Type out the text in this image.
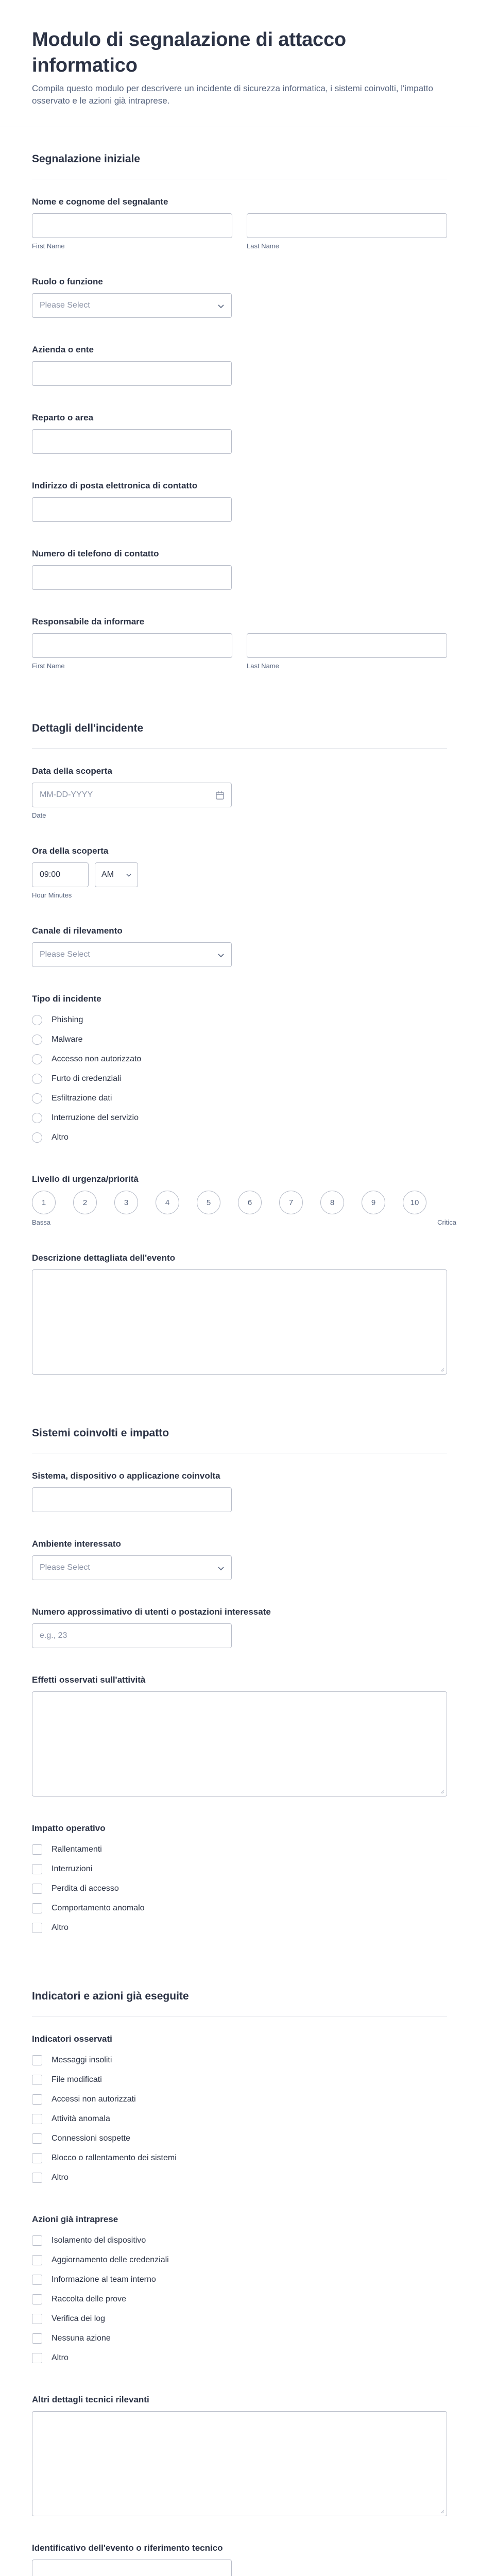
Modulo di segnalazione di attacco informatico

Compila questo modulo per descrivere un incidente di sicurezza informatica, i sistemi coinvolti, l'impatto osservato e le azioni già intraprese.

Segnalazione iniziale
Nome e cognome del segnalante
First Name	Last Name
Ruolo o funzione
Please Select
Azienda o ente
Reparto o area
Indirizzo di posta elettronica di contatto
Numero di telefono di contatto
Responsabile da informare
First Name	Last Name
Dettagli dell'incidente
Data della scoperta
MM-DD-YYYY
Date
Ora della scoperta
09:00	AM
Hour Minutes
Canale di rilevamento
Please Select
Tipo di incidente
Phishing
Malware
Accesso non autorizzato
Furto di credenziali
Esfiltrazione dati
Interruzione del servizio
Altro
Livello di urgenza/priorità
1	2	3	4	5	6	7	8	9	10
Bassa	Critica
Descrizione dettagliata dell'evento
Sistemi coinvolti e impatto
Sistema, dispositivo o applicazione coinvolta
Ambiente interessato
Please Select
Numero approssimativo di utenti o postazioni interessate
e.g., 23
Effetti osservati sull'attività
Impatto operativo
Rallentamenti
Interruzioni
Perdita di accesso
Comportamento anomalo
Altro
Indicatori e azioni già eseguite
Indicatori osservati
Messaggi insoliti
File modificati
Accessi non autorizzati
Attività anomala
Connessioni sospette
Blocco o rallentamento dei sistemi
Altro
Azioni già intraprese
Isolamento del dispositivo
Aggiornamento delle credenziali
Informazione al team interno
Raccolta delle prove
Verifica dei log
Nessuna azione
Altro
Altri dettagli tecnici rilevanti
Identificativo dell'evento o riferimento tecnico
